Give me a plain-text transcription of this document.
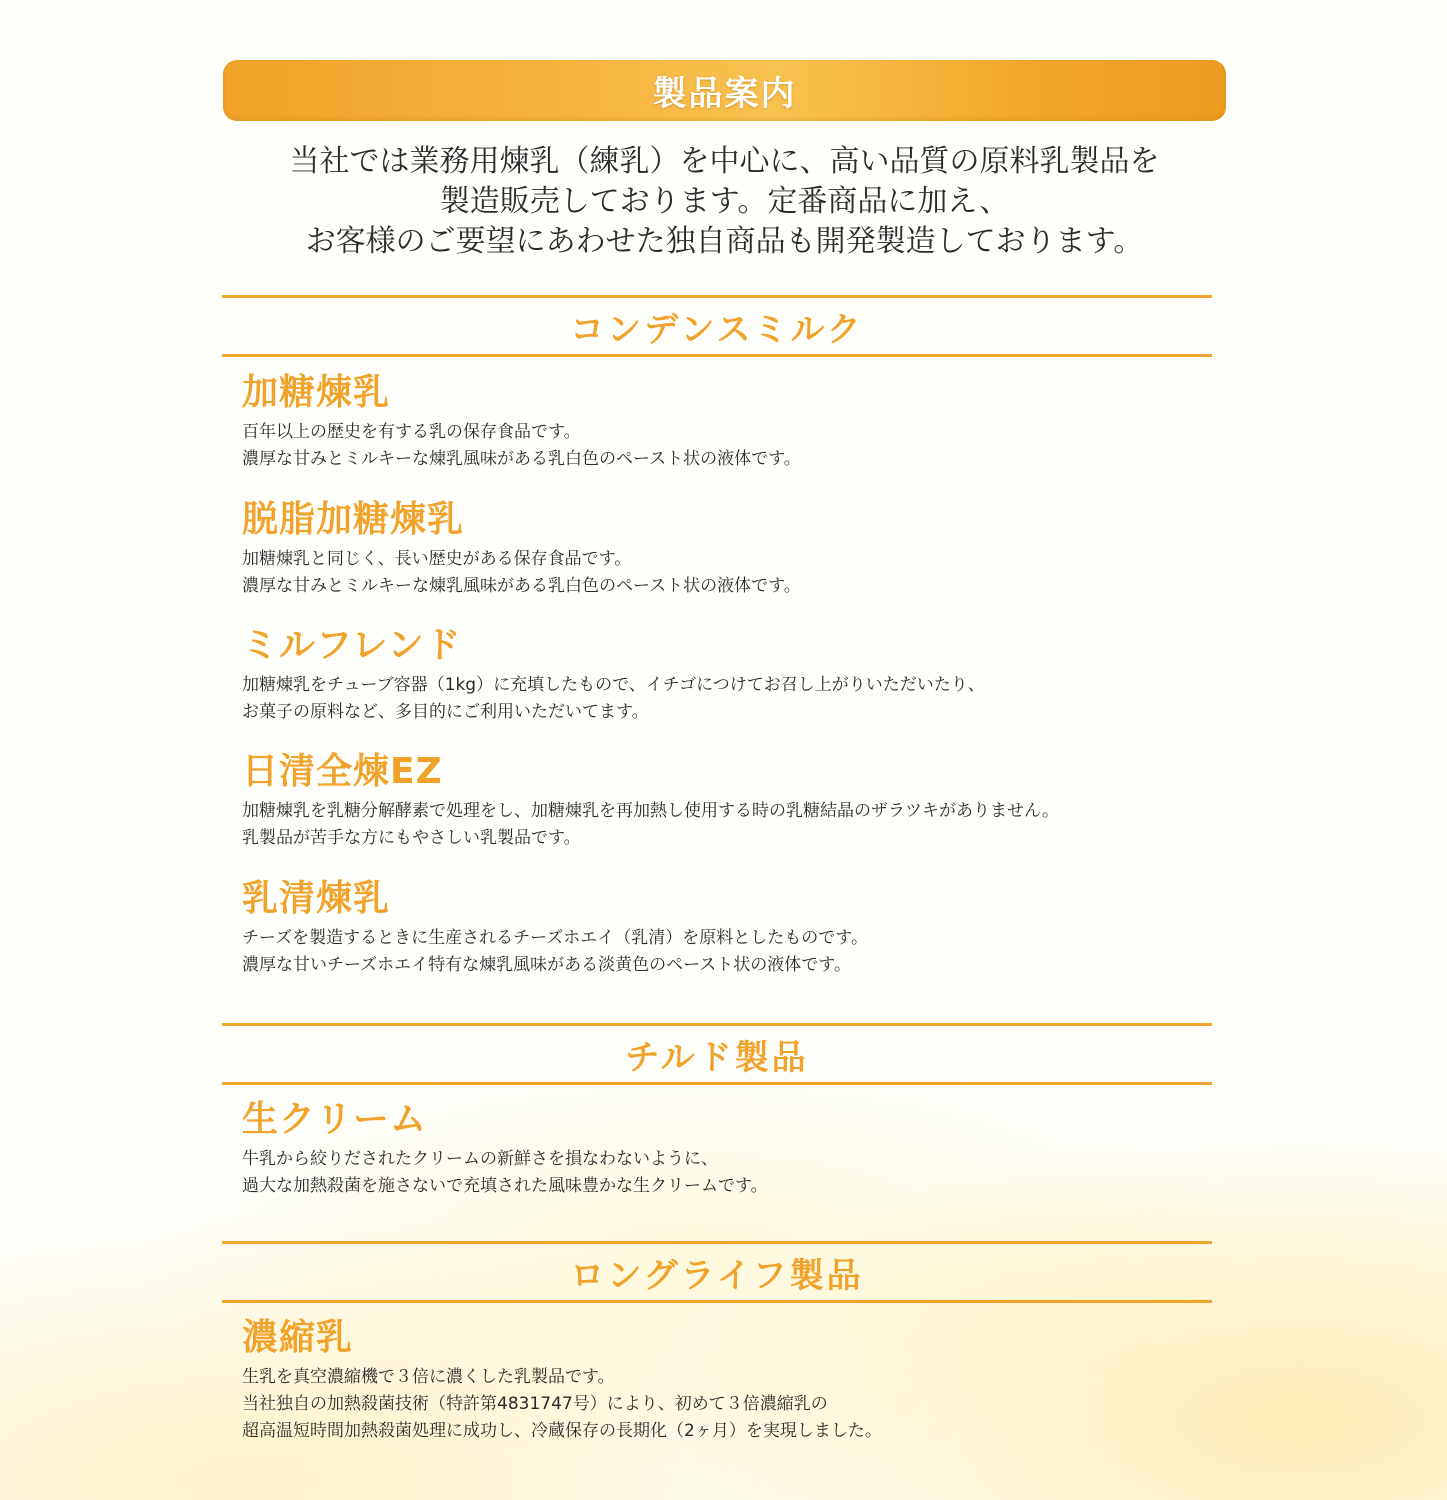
製品案内
当社では業務用煉乳（練乳）を中心に、高い品質の原料乳製品を
製造販売しております。定番商品に加え、
お客様のご要望にあわせた独自商品も開発製造しております。
コンデンスミルク
加糖煉乳
百年以上の歴史を有する乳の保存食品です。
濃厚な甘みとミルキーな煉乳風味がある乳白色のペースト状の液体です。
脱脂加糖煉乳
加糖煉乳と同じく、長い歴史がある保存食品です。
濃厚な甘みとミルキーな煉乳風味がある乳白色のペースト状の液体です。
ミルフレンド
加糖煉乳をチューブ容器（1kg）に充填したもので、イチゴにつけてお召し上がりいただいたり、
お菓子の原料など、多目的にご利用いただいてます。
日清全煉EZ
加糖煉乳を乳糖分解酵素で処理をし、加糖煉乳を再加熱し使用する時の乳糖結晶のザラツキがありません。
乳製品が苦手な方にもやさしい乳製品です。
乳清煉乳
チーズを製造するときに生産されるチーズホエイ（乳清）を原料としたものです。
濃厚な甘いチーズホエイ特有な煉乳風味がある淡黄色のペースト状の液体です。
チルド製品
生クリーム
牛乳から絞りだされたクリームの新鮮さを損なわないように、
過大な加熱殺菌を施さないで充填された風味豊かな生クリームです。
ロングライフ製品
濃縮乳
生乳を真空濃縮機で３倍に濃くした乳製品です。
当社独自の加熱殺菌技術（特許第4831747号）により、初めて３倍濃縮乳の
超高温短時間加熱殺菌処理に成功し、冷蔵保存の長期化（2ヶ月）を実現しました。
